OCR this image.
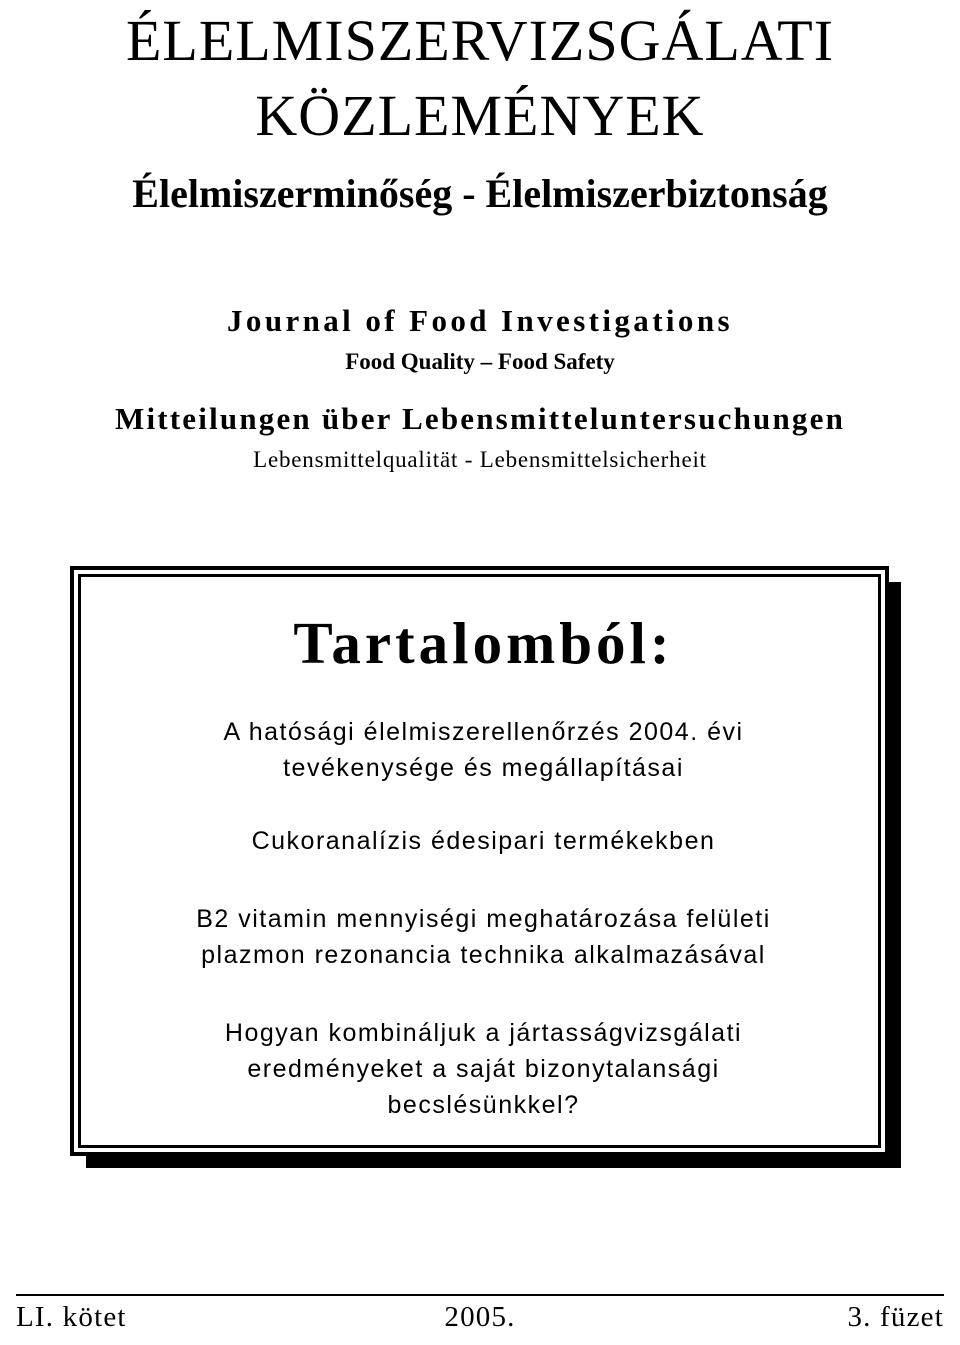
ÉLELMISZERVIZSGÁLATI
KÖZLEMÉNYEK
Élelmiszerminőség - Élelmiszerbiztonság
Journal of Food Investigations
Food Quality – Food Safety
Mitteilungen über Lebensmitteluntersuchungen
Lebensmittelqualität - Lebensmittelsicherheit
Tartalomból:
A hatósági élelmiszerellenőrzés 2004. évi
tevékenysége és megállapításai
Cukoranalízis édesipari termékekben
B2 vitamin mennyiségi meghatározása felületi
plazmon rezonancia technika alkalmazásával
Hogyan kombináljuk a jártasságvizsgálati
eredményeket a saját bizonytalansági
becslésünkkel?
LI. kötet	2005.	3. füzet
